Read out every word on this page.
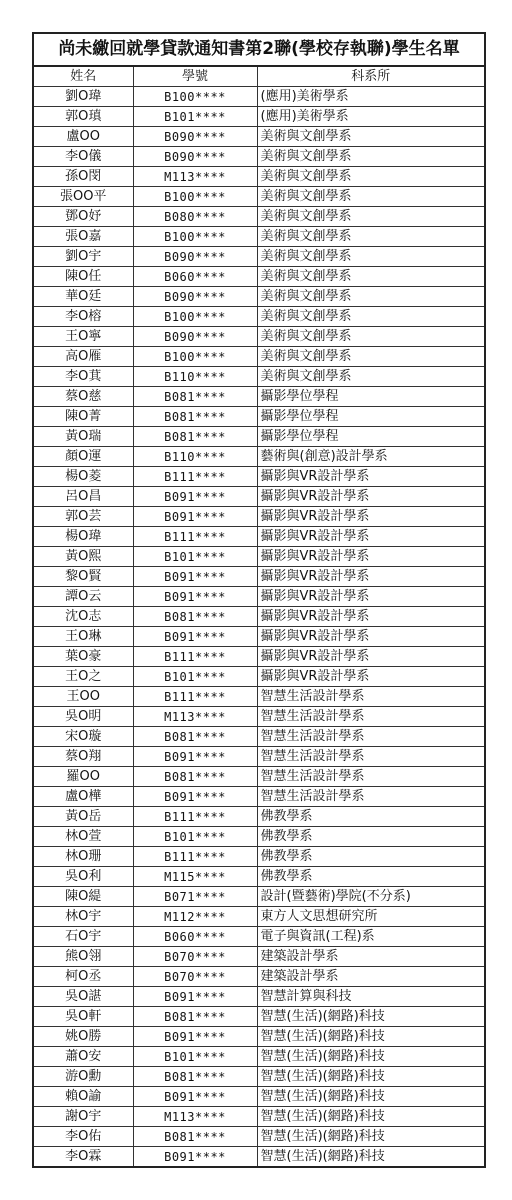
尚未繳回就學貸款通知書第2聯(學校存執聯)學生名單
姓名	學號	科系所
劉O瑋	B100****	(應用)美術學系
郭O瑱	B101****	(應用)美術學系
盧OO	B090****	美術與文創學系
李O儀	B090****	美術與文創學系
孫O閔	M113****	美術與文創學系
張OO平	B100****	美術與文創學系
鄧O妤	B080****	美術與文創學系
張O嘉	B100****	美術與文創學系
劉O宇	B090****	美術與文創學系
陳O任	B060****	美術與文創學系
華O廷	B090****	美術與文創學系
李O榕	B100****	美術與文創學系
王O寧	B090****	美術與文創學系
高O雁	B100****	美術與文創學系
李O萁	B110****	美術與文創學系
蔡O慈	B081****	攝影學位學程
陳O菁	B081****	攝影學位學程
黃O瑞	B081****	攝影學位學程
顏O運	B110****	藝術與(創意)設計學系
楊O菱	B111****	攝影與VR設計學系
呂O昌	B091****	攝影與VR設計學系
郭O芸	B091****	攝影與VR設計學系
楊O瑋	B111****	攝影與VR設計學系
黃O熙	B101****	攝影與VR設計學系
黎O賢	B091****	攝影與VR設計學系
譚O云	B091****	攝影與VR設計學系
沈O志	B081****	攝影與VR設計學系
王O琳	B091****	攝影與VR設計學系
葉O豪	B111****	攝影與VR設計學系
王O之	B101****	攝影與VR設計學系
王OO	B111****	智慧生活設計學系
吳O明	M113****	智慧生活設計學系
宋O璇	B081****	智慧生活設計學系
蔡O翔	B091****	智慧生活設計學系
羅OO	B081****	智慧生活設計學系
盧O樺	B091****	智慧生活設計學系
黃O岳	B111****	佛教學系
林O萱	B101****	佛教學系
林O珊	B111****	佛教學系
吳O利	M115****	佛教學系
陳O緹	B071****	設計(暨藝術)學院(不分系)
林O宇	M112****	東方人文思想研究所
石O宇	B060****	電子與資訊(工程)系
熊O翎	B070****	建築設計學系
柯O丞	B070****	建築設計學系
吳O諶	B091****	智慧計算與科技
吳O軒	B081****	智慧(生活)(網路)科技
姚O勝	B091****	智慧(生活)(網路)科技
蕭O安	B101****	智慧(生活)(網路)科技
游O勳	B081****	智慧(生活)(網路)科技
賴O諭	B091****	智慧(生活)(網路)科技
謝O宇	M113****	智慧(生活)(網路)科技
李O佑	B081****	智慧(生活)(網路)科技
李O霖	B091****	智慧(生活)(網路)科技
